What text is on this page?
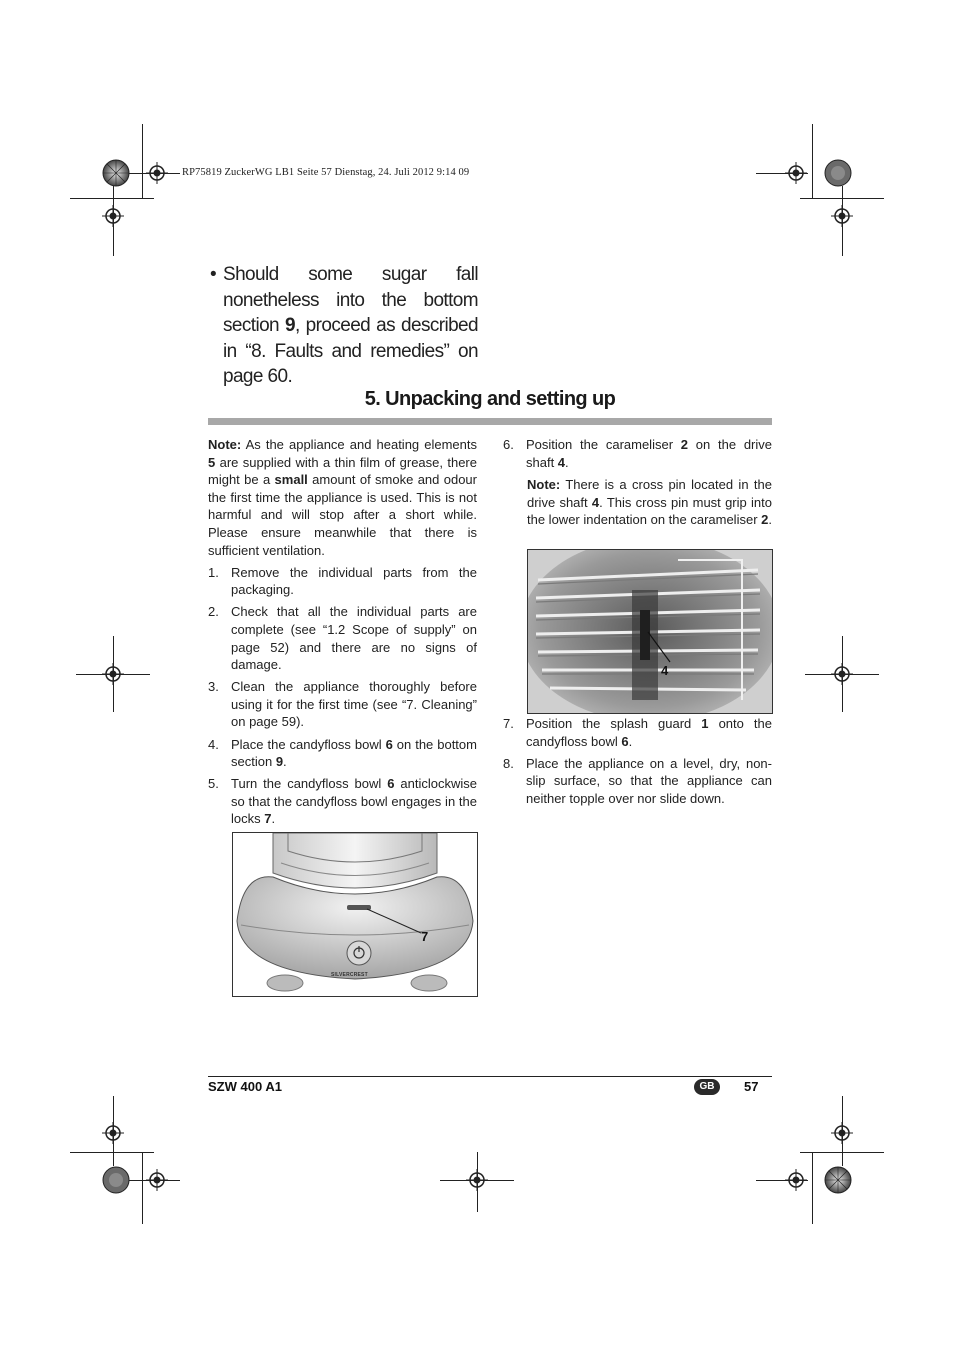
RP75819 ZuckerWG LB1 Seite 57 Dienstag, 24. Juli 2012 9:14 09
• Should some sugar fall nonetheless into the bottom section 9, proceed as described in “8. Faults and remedies” on page 60.
5. Unpacking and setting up

Note: As the appliance and heating elements 5 are supplied with a thin film of grease, there might be a small amount of smoke and odour the first time the appliance is used. This is not harmful and will stop after a short while. Please ensure meanwhile that there is sufficient ventilation.

1. Remove the individual parts from the packaging.

2. Check that all the individual parts are complete (see “1.2 Scope of supply” on page 52) and there are no signs of damage.

3. Clean the appliance thoroughly before using it for the first time (see “7. Cleaning” on page 59).

4. Place the candyfloss bowl 6 on the bottom section 9.

5. Turn the candyfloss bowl 6 anticlockwise so that the candyfloss bowl engages in the locks 7.

SILVERCREST
7
6. Position the carameliser 2 on the drive shaft 4.

Note: There is a cross pin located in the drive shaft 4. This cross pin must grip into the lower indentation on the carameliser 2.

4
7. Position the splash guard 1 onto the candyfloss bowl 6.

8. Place the appliance on a level, dry, non-slip surface, so that the appliance can neither topple over nor slide down.

SZW 400 A1	GB	57
